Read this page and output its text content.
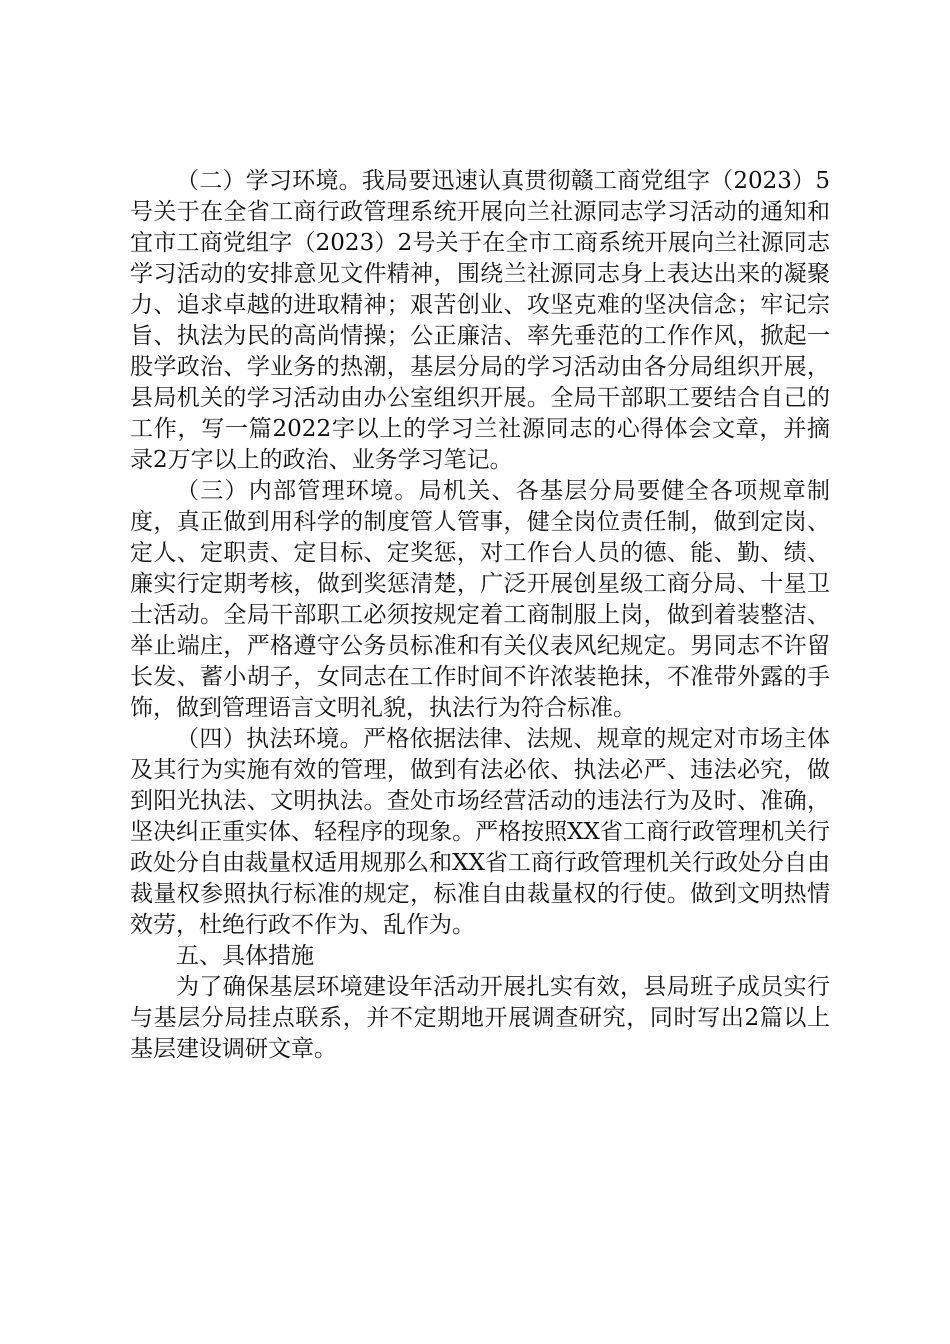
（二）学习环境。我局要迅速认真贯彻赣工商党组字（2023）5号关于在全省工商行政管理系统开展向兰社源同志学习活动的通知和宜市工商党组字（2023）2号关于在全市工商系统开展向兰社源同志学习活动的安排意见文件精神，围绕兰社源同志身上表达出来的凝聚力、追求卓越的进取精神；艰苦创业、攻坚克难的坚决信念；牢记宗旨、执法为民的高尚情操；公正廉洁、率先垂范的工作作风，掀起一股学政治、学业务的热潮，基层分局的学习活动由各分局组织开展，县局机关的学习活动由办公室组织开展。全局干部职工要结合自己的工作，写一篇2022字以上的学习兰社源同志的心得体会文章，并摘录2万字以上的政治、业务学习笔记。

（三）内部管理环境。局机关、各基层分局要健全各项规章制度，真正做到用科学的制度管人管事，健全岗位责任制，做到定岗、定人、定职责、定目标、定奖惩，对工作台人员的德、能、勤、绩、廉实行定期考核，做到奖惩清楚，广泛开展创星级工商分局、十星卫士活动。全局干部职工必须按规定着工商制服上岗，做到着装整洁、举止端庄，严格遵守公务员标准和有关仪表风纪规定。男同志不许留长发、蓄小胡子，女同志在工作时间不许浓装艳抹，不准带外露的手饰，做到管理语言文明礼貌，执法行为符合标准。

（四）执法环境。严格依据法律、法规、规章的规定对市场主体及其行为实施有效的管理，做到有法必依、执法必严、违法必究，做到阳光执法、文明执法。查处市场经营活动的违法行为及时、准确，坚决纠正重实体、轻程序的现象。严格按照XX省工商行政管理机关行政处分自由裁量权适用规那么和XX省工商行政管理机关行政处分自由裁量权参照执行标准的规定，标准自由裁量权的行使。做到文明热情效劳，杜绝行政不作为、乱作为。

五、具体措施

为了确保基层环境建设年活动开展扎实有效，县局班子成员实行与基层分局挂点联系，并不定期地开展调查研究，同时写出2篇以上基层建设调研文章。
